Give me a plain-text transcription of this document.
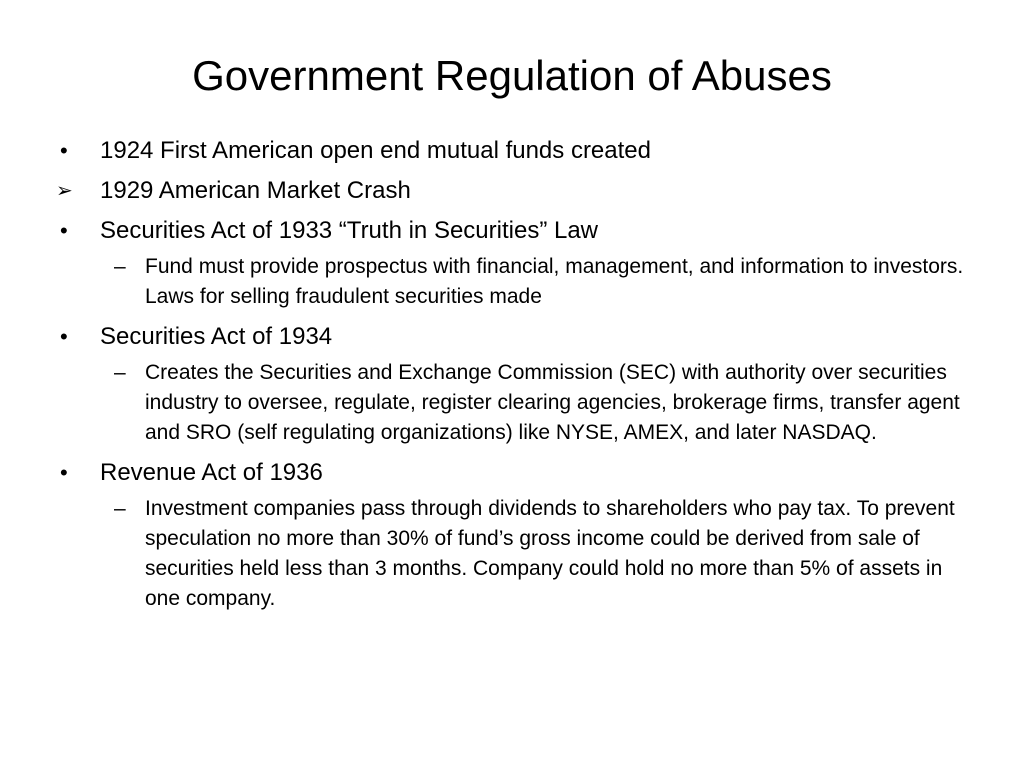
Government Regulation of Abuses
•	1924 First American open end mutual funds created
➢	1929 American Market Crash
•	Securities Act of 1933 “Truth in Securities” Law
– Fund must provide prospectus with financial, management, and information to investors. Laws for selling fraudulent securities made
•	Securities Act of 1934
– Creates the Securities and Exchange Commission (SEC) with authority over securities industry to oversee, regulate, register clearing agencies, brokerage firms, transfer agent and SRO (self regulating organizations) like NYSE, AMEX, and later NASDAQ.
•	Revenue Act of 1936
– Investment companies pass through dividends to shareholders who pay tax. To prevent speculation no more than 30% of fund’s gross income could be derived from sale of securities held less than 3 months. Company could hold no more than 5% of assets in one company.
